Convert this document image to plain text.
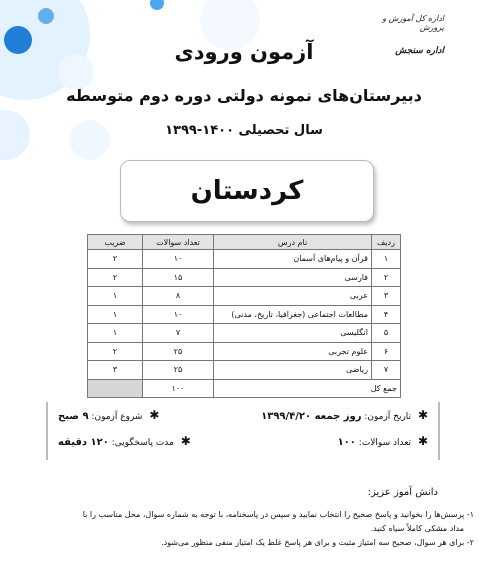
اداره کل آموزش و پرورش
اداره سنجش
آزمون ورودی
دبیرستان‌های نمونه دولتی دوره دوم متوسطه
سال تحصیلی ۱۴۰۰-۱۳۹۹
کردستان
ردیف	نام درس	تعداد سوالات	ضریب
۱	قرآن و پیام‌های آسمان	۱۰	۲
۲	فارسی	۱۵	۲
۳	عربی	۸	۱
۴	مطالعات اجتماعی (جغرافیا، تاریخ، مدنی)	۱۰	۱
۵	انگلیسی	۷	۱
۶	علوم تجربی	۲۵	۲
۷	ریاضی	۲۵	۳
جمع کل		۱۰۰	
✱ تاریخ آزمون: روز جمعه ۱۳۹۹/۴/۲۰
✱ شروع آزمون: ۹ صبح
✱ تعداد سوالات: ۱۰۰
✱ مدت پاسخگویی: ۱۲۰ دقیقه
دانش آموز عزیز:
۱- پرسش‌ها را بخوانید و پاسخ صحیح را انتخاب نمایید و سپس در پاسخنامه، با توجه به شماره سوال، محل مناسب را با
مداد مشکی کاملاً سیاه کنید.
۲- برای هر سوال، صحیح سه امتیاز مثبت و برای هر پاسخ غلط یک امتیاز منفی منظور می‌شود.
